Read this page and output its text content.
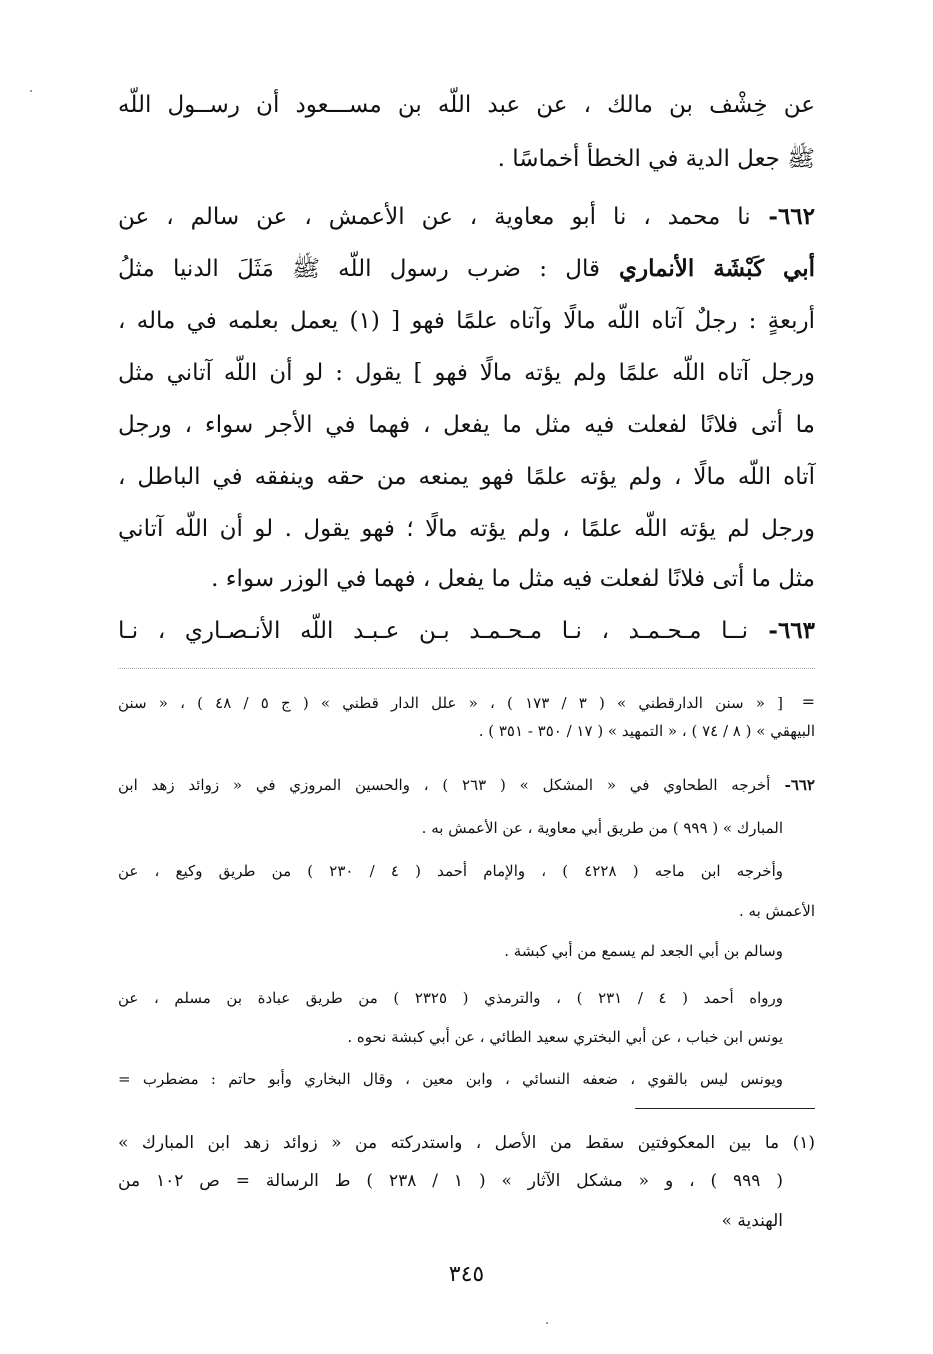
عن خِشْف بن مالك ، عن عبد اللّه بن مســـعود أن رســول اللّه
ﷺ جعل الدية في الخطأ أخماسًا .
٦٦٢- نا محمد ، نا أبو معاوية ، عن الأعمش ، عن سالم ، عن
أبي كَبْشَة الأنماري قال : ضرب رسول اللّه ﷺ مَثَلَ الدنيا مثلُ
أربعةٍ : رجلٌ آتاه اللّه مالًا وآتاه علمًا فهو [ (١) يعمل بعلمه في ماله ،
ورجل آتاه اللّه علمًا ولم يؤته مالًا فهو ] يقول : لو أن اللّه آتاني مثل
ما أتى فلانًا لفعلت فيه مثل ما يفعل ، فهما في الأجر سواء ، ورجل
آتاه اللّه مالًا ، ولم يؤته علمًا فهو يمنعه من حقه وينفقه في الباطل ،
ورجل لم يؤته اللّه علمًا ، ولم يؤته مالًا ؛ فهو يقول . لو أن اللّه آتاني
مثل ما أتى فلانًا لفعلت فيه مثل ما يفعل ، فهما في الوزر سواء .
٦٦٣- نــا مـحـمـد ، نـا مـحـمـد بـن عـبـد اللّه الأنـصـاري ، نـا
=
[ « سنن الدارقطني » ( ٣ / ١٧٣ ) ، « علل الدار قطني » ( ج ٥ / ٤٨ ) ، « سنن
البيهقي » ( ٨ / ٧٤ ) ، « التمهيد » ( ١٧ / ٣٥٠ - ٣٥١ ) .
٦٦٢- أخرجه الطحاوي في « المشكل » ( ٢٦٣ ) ، والحسين المروزي في « زوائد زهد ابن
المبارك » ( ٩٩٩ ) من طريق أبي معاوية ، عن الأعمش به .
وأخرجه ابن ماجه ( ٤٢٢٨ ) ، والإمام أحمد ( ٤ / ٢٣٠ ) من طريق وكيع ، عن
الأعمش به .
وسالم بن أبي الجعد لم يسمع من أبي كبشة .
ورواه أحمد ( ٤ / ٢٣١ ) ، والترمذي ( ٢٣٢٥ ) من طريق عبادة بن مسلم ، عن
يونس ابن خباب ، عن أبي البختري سعيد الطائي ، عن أبي كبشة نحوه .
ويونس ليس بالقوي ، ضعفه النسائي ، وابن معين ، وقال البخاري وأبو حاتم : مضطرب =
(١) ما بين المعكوفتين سقط من الأصل ، واستدركته من « زوائد زهد ابن المبارك »
( ٩٩٩ ) ، و « مشكل الآثار » ( ١ / ٢٣٨ ) ط الرسالة = ص ١٠٢ من
الهندية »
٣٤٥
